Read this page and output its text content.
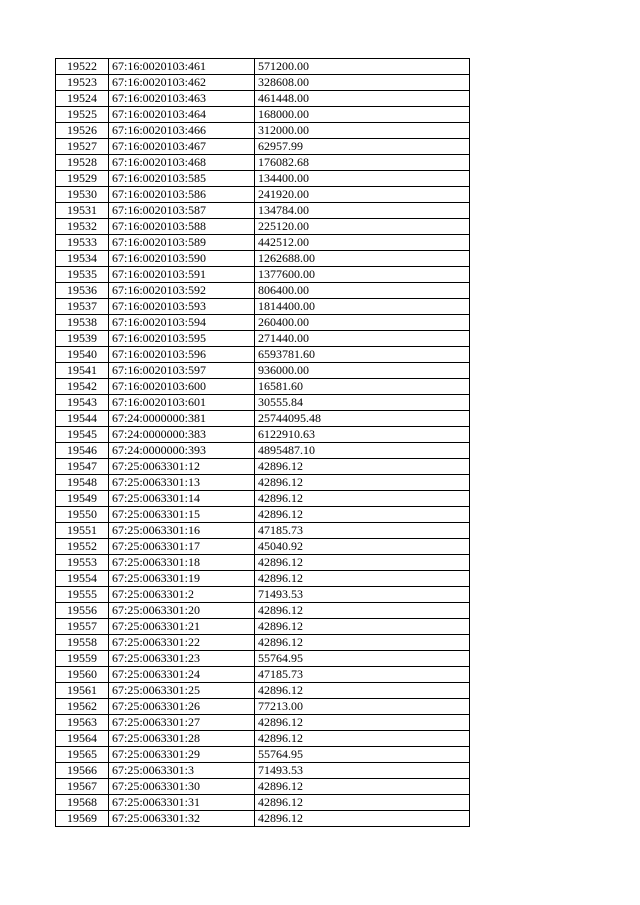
19522	67:16:0020103:461	571200.00
19523	67:16:0020103:462	328608.00
19524	67:16:0020103:463	461448.00
19525	67:16:0020103:464	168000.00
19526	67:16:0020103:466	312000.00
19527	67:16:0020103:467	62957.99
19528	67:16:0020103:468	176082.68
19529	67:16:0020103:585	134400.00
19530	67:16:0020103:586	241920.00
19531	67:16:0020103:587	134784.00
19532	67:16:0020103:588	225120.00
19533	67:16:0020103:589	442512.00
19534	67:16:0020103:590	1262688.00
19535	67:16:0020103:591	1377600.00
19536	67:16:0020103:592	806400.00
19537	67:16:0020103:593	1814400.00
19538	67:16:0020103:594	260400.00
19539	67:16:0020103:595	271440.00
19540	67:16:0020103:596	6593781.60
19541	67:16:0020103:597	936000.00
19542	67:16:0020103:600	16581.60
19543	67:16:0020103:601	30555.84
19544	67:24:0000000:381	25744095.48
19545	67:24:0000000:383	6122910.63
19546	67:24:0000000:393	4895487.10
19547	67:25:0063301:12	42896.12
19548	67:25:0063301:13	42896.12
19549	67:25:0063301:14	42896.12
19550	67:25:0063301:15	42896.12
19551	67:25:0063301:16	47185.73
19552	67:25:0063301:17	45040.92
19553	67:25:0063301:18	42896.12
19554	67:25:0063301:19	42896.12
19555	67:25:0063301:2	71493.53
19556	67:25:0063301:20	42896.12
19557	67:25:0063301:21	42896.12
19558	67:25:0063301:22	42896.12
19559	67:25:0063301:23	55764.95
19560	67:25:0063301:24	47185.73
19561	67:25:0063301:25	42896.12
19562	67:25:0063301:26	77213.00
19563	67:25:0063301:27	42896.12
19564	67:25:0063301:28	42896.12
19565	67:25:0063301:29	55764.95
19566	67:25:0063301:3	71493.53
19567	67:25:0063301:30	42896.12
19568	67:25:0063301:31	42896.12
19569	67:25:0063301:32	42896.12
